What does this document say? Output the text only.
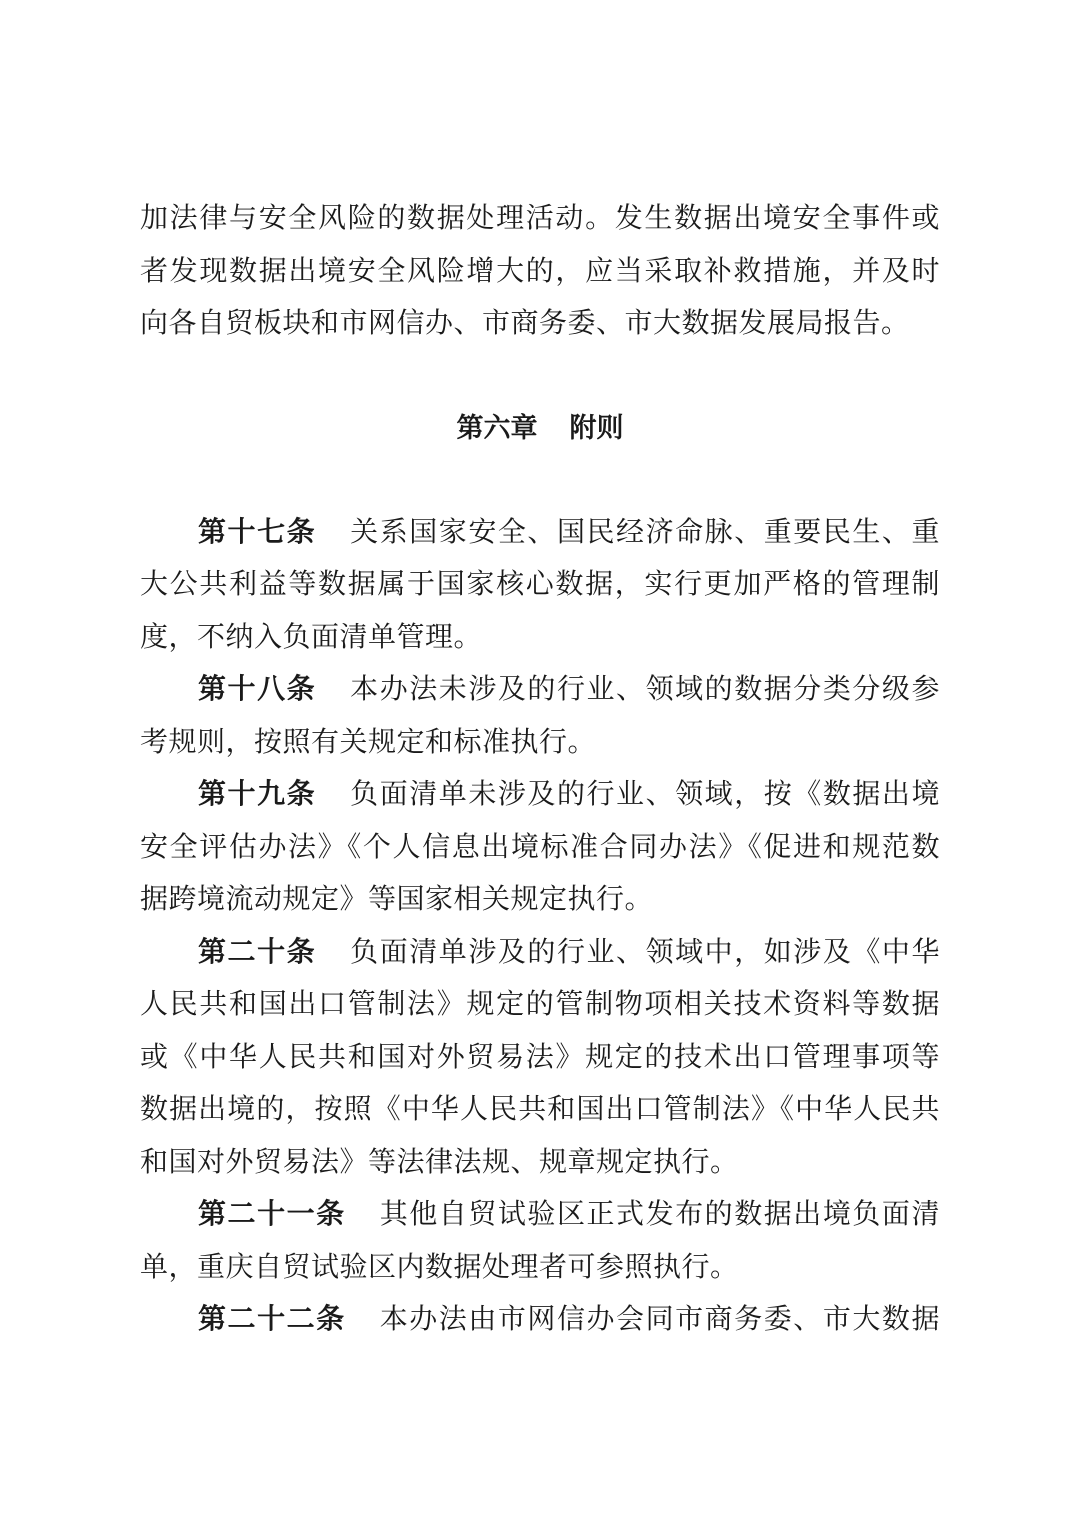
加法律与安全风险的数据处理活动。发生数据出境安全事件或
者发现数据出境安全风险增大的，应当采取补救措施，并及时
向各自贸板块和市网信办、市商务委、市大数据发展局报告。
第六章 附则
第十七条 关系国家安全、国民经济命脉、重要民生、重
大公共利益等数据属于国家核心数据，实行更加严格的管理制
度，不纳入负面清单管理。
第十八条 本办法未涉及的行业、领域的数据分类分级参
考规则，按照有关规定和标准执行。
第十九条 负面清单未涉及的行业、领域，按《数据出境
安全评估办法》《个人信息出境标准合同办法》《促进和规范数
据跨境流动规定》等国家相关规定执行。
第二十条 负面清单涉及的行业、领域中，如涉及《中华
人民共和国出口管制法》规定的管制物项相关技术资料等数据
或《中华人民共和国对外贸易法》规定的技术出口管理事项等
数据出境的，按照《中华人民共和国出口管制法》《中华人民共
和国对外贸易法》等法律法规、规章规定执行。
第二十一条 其他自贸试验区正式发布的数据出境负面清
单，重庆自贸试验区内数据处理者可参照执行。
第二十二条 本办法由市网信办会同市商务委、市大数据
